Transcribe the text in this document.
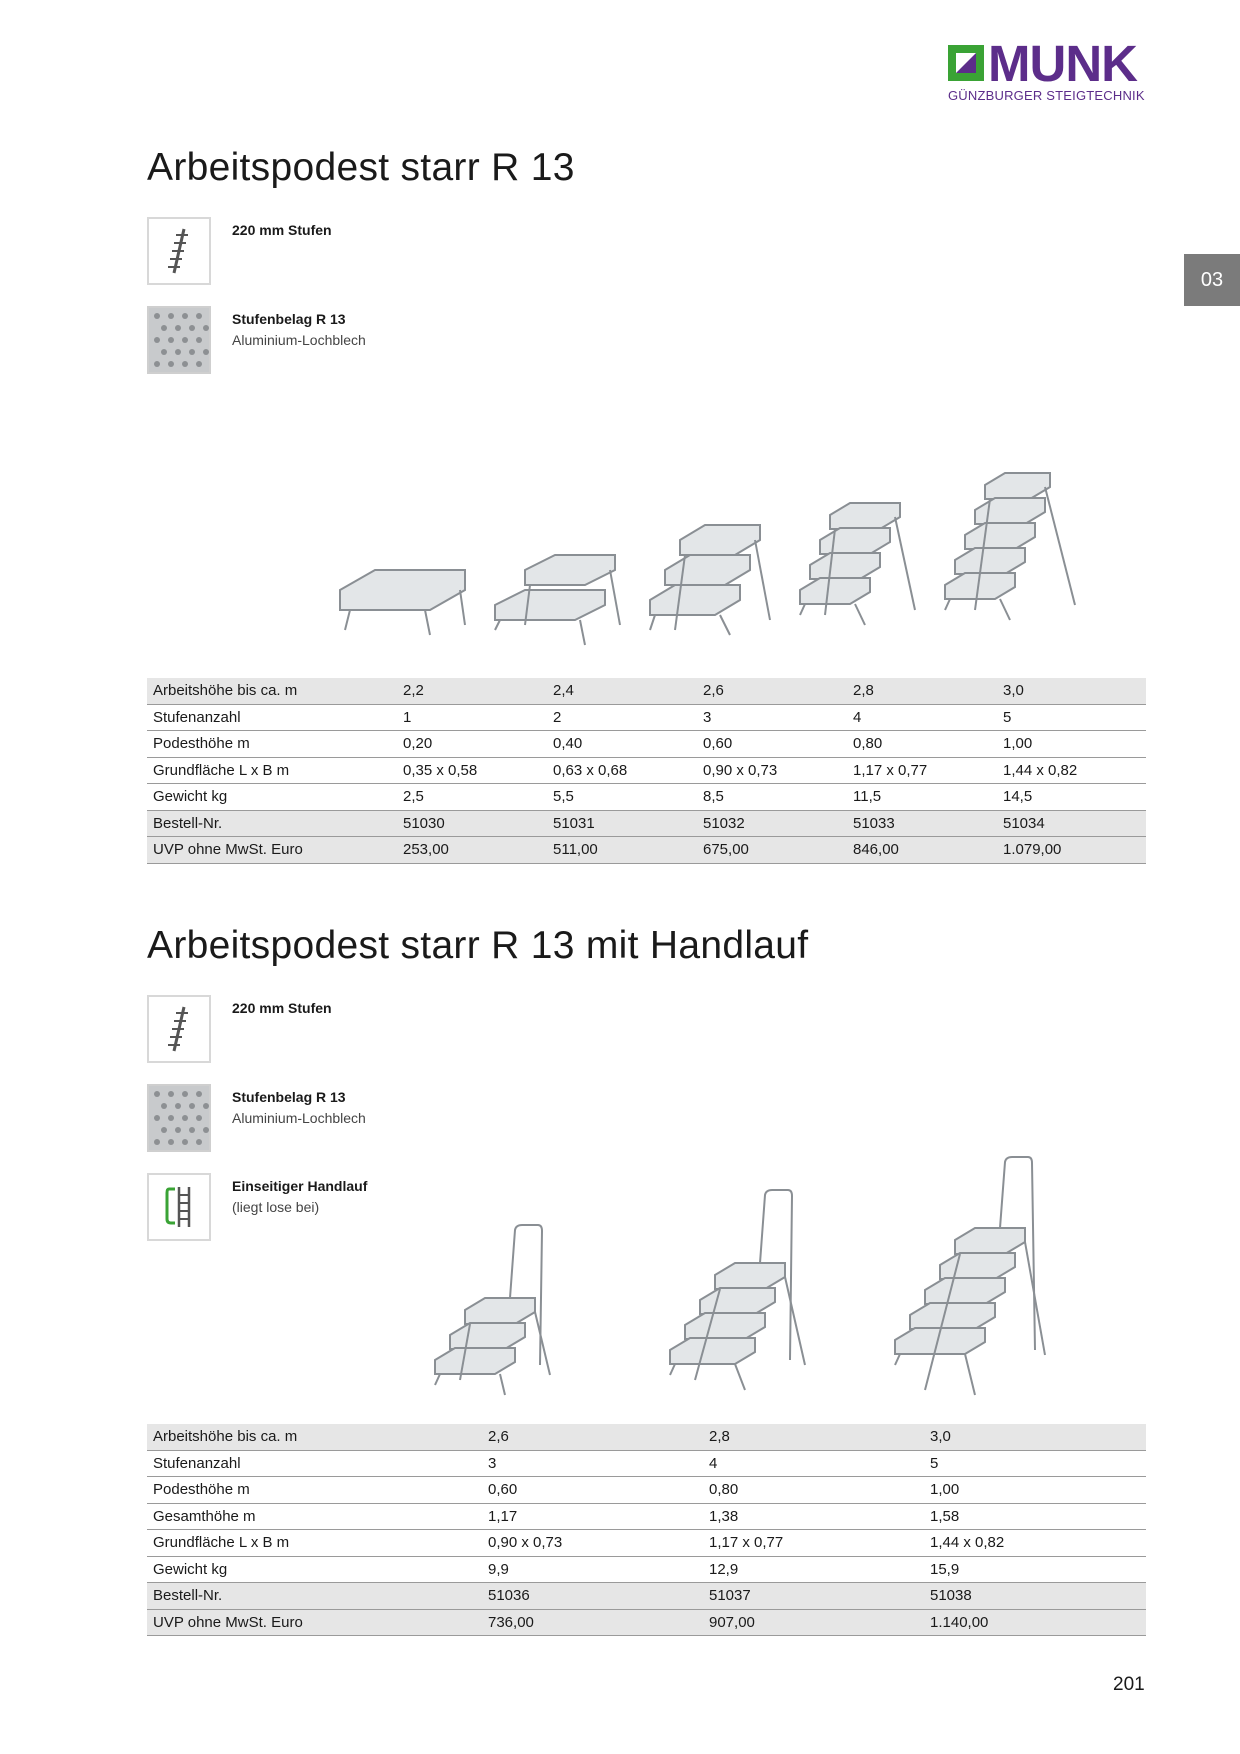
MUNK
GÜNZBURGER STEIGTECHNIK
03
Arbeitspodest starr R 13
220 mm Stufen
Stufenbelag R 13
Aluminium-Lochblech
Arbeitshöhe bis ca. m	2,2	2,4	2,6	2,8	3,0
Stufenanzahl	1	2	3	4	5
Podesthöhe m	0,20	0,40	0,60	0,80	1,00
Grundfläche L x B m	0,35 x 0,58	0,63 x 0,68	0,90 x 0,73	1,17 x 0,77	1,44 x 0,82
Gewicht kg	2,5	5,5	8,5	11,5	14,5
Bestell-Nr.	51030	51031	51032	51033	51034
UVP ohne MwSt. Euro	253,00	511,00	675,00	846,00	1.079,00
Arbeitspodest starr R 13 mit Handlauf
220 mm Stufen
Stufenbelag R 13
Aluminium-Lochblech
Einseitiger Handlauf
(liegt lose bei)
Arbeitshöhe bis ca. m	2,6	2,8	3,0
Stufenanzahl	3	4	5
Podesthöhe m	0,60	0,80	1,00
Gesamthöhe m	1,17	1,38	1,58
Grundfläche L x B m	0,90 x 0,73	1,17 x 0,77	1,44 x 0,82
Gewicht kg	9,9	12,9	15,9
Bestell-Nr.	51036	51037	51038
UVP ohne MwSt. Euro	736,00	907,00	1.140,00
201
